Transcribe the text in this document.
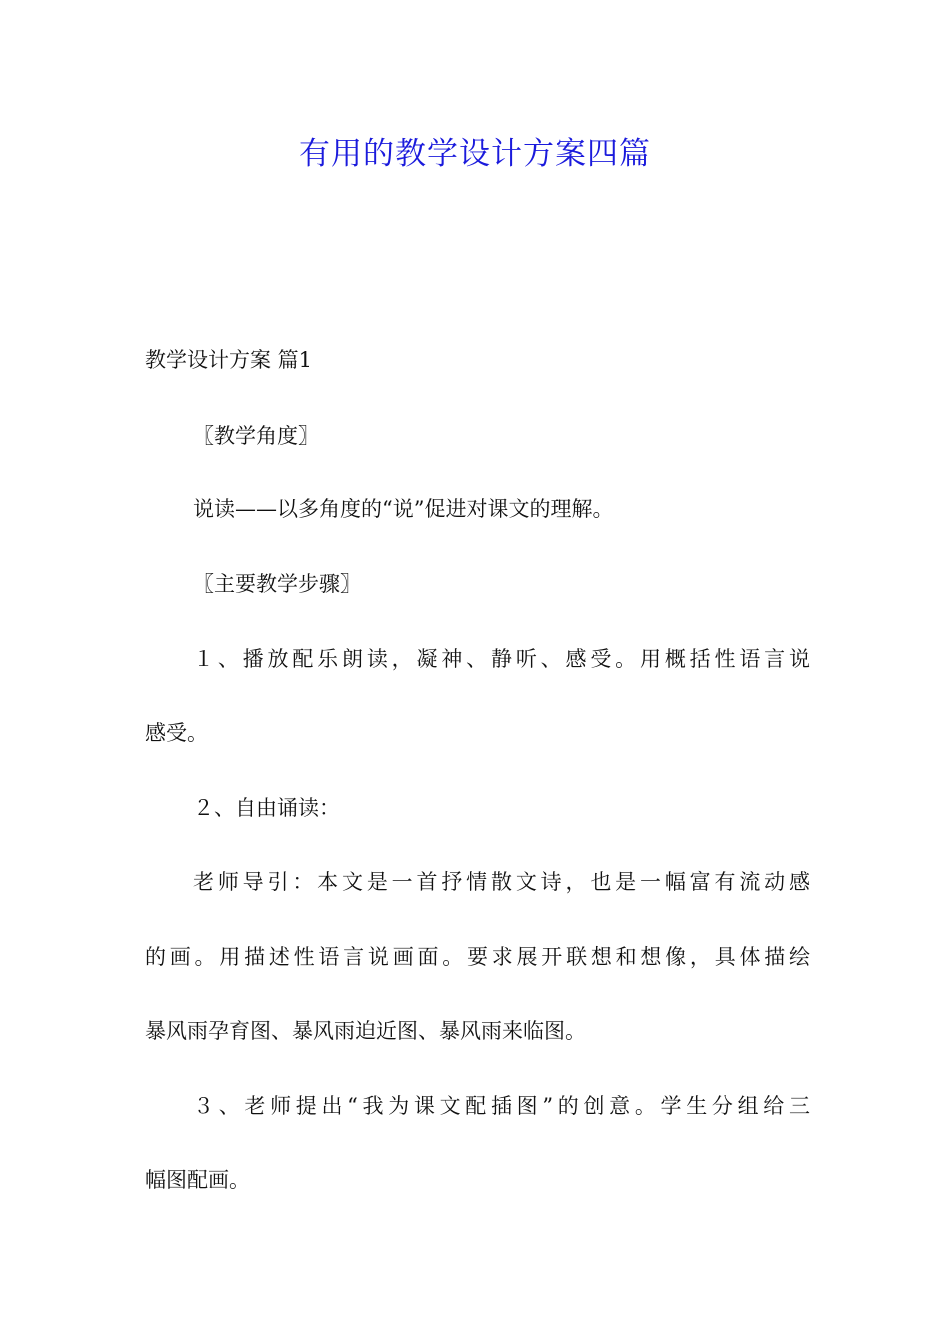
有用的教学设计方案四篇

教学设计方案 篇1

〖教学角度〗

说读——以多角度的“说”促进对课文的理解。

〖主要教学步骤〗

１、播放配乐朗读，凝神、静听、感受。用概括性语言说

感受。

２、自由诵读：

老师导引：本文是一首抒情散文诗，也是一幅富有流动感

的画。用描述性语言说画面。要求展开联想和想像，具体描绘

暴风雨孕育图、暴风雨迫近图、暴风雨来临图。

３、老师提出“我为课文配插图”的创意。学生分组给三

幅图配画。
